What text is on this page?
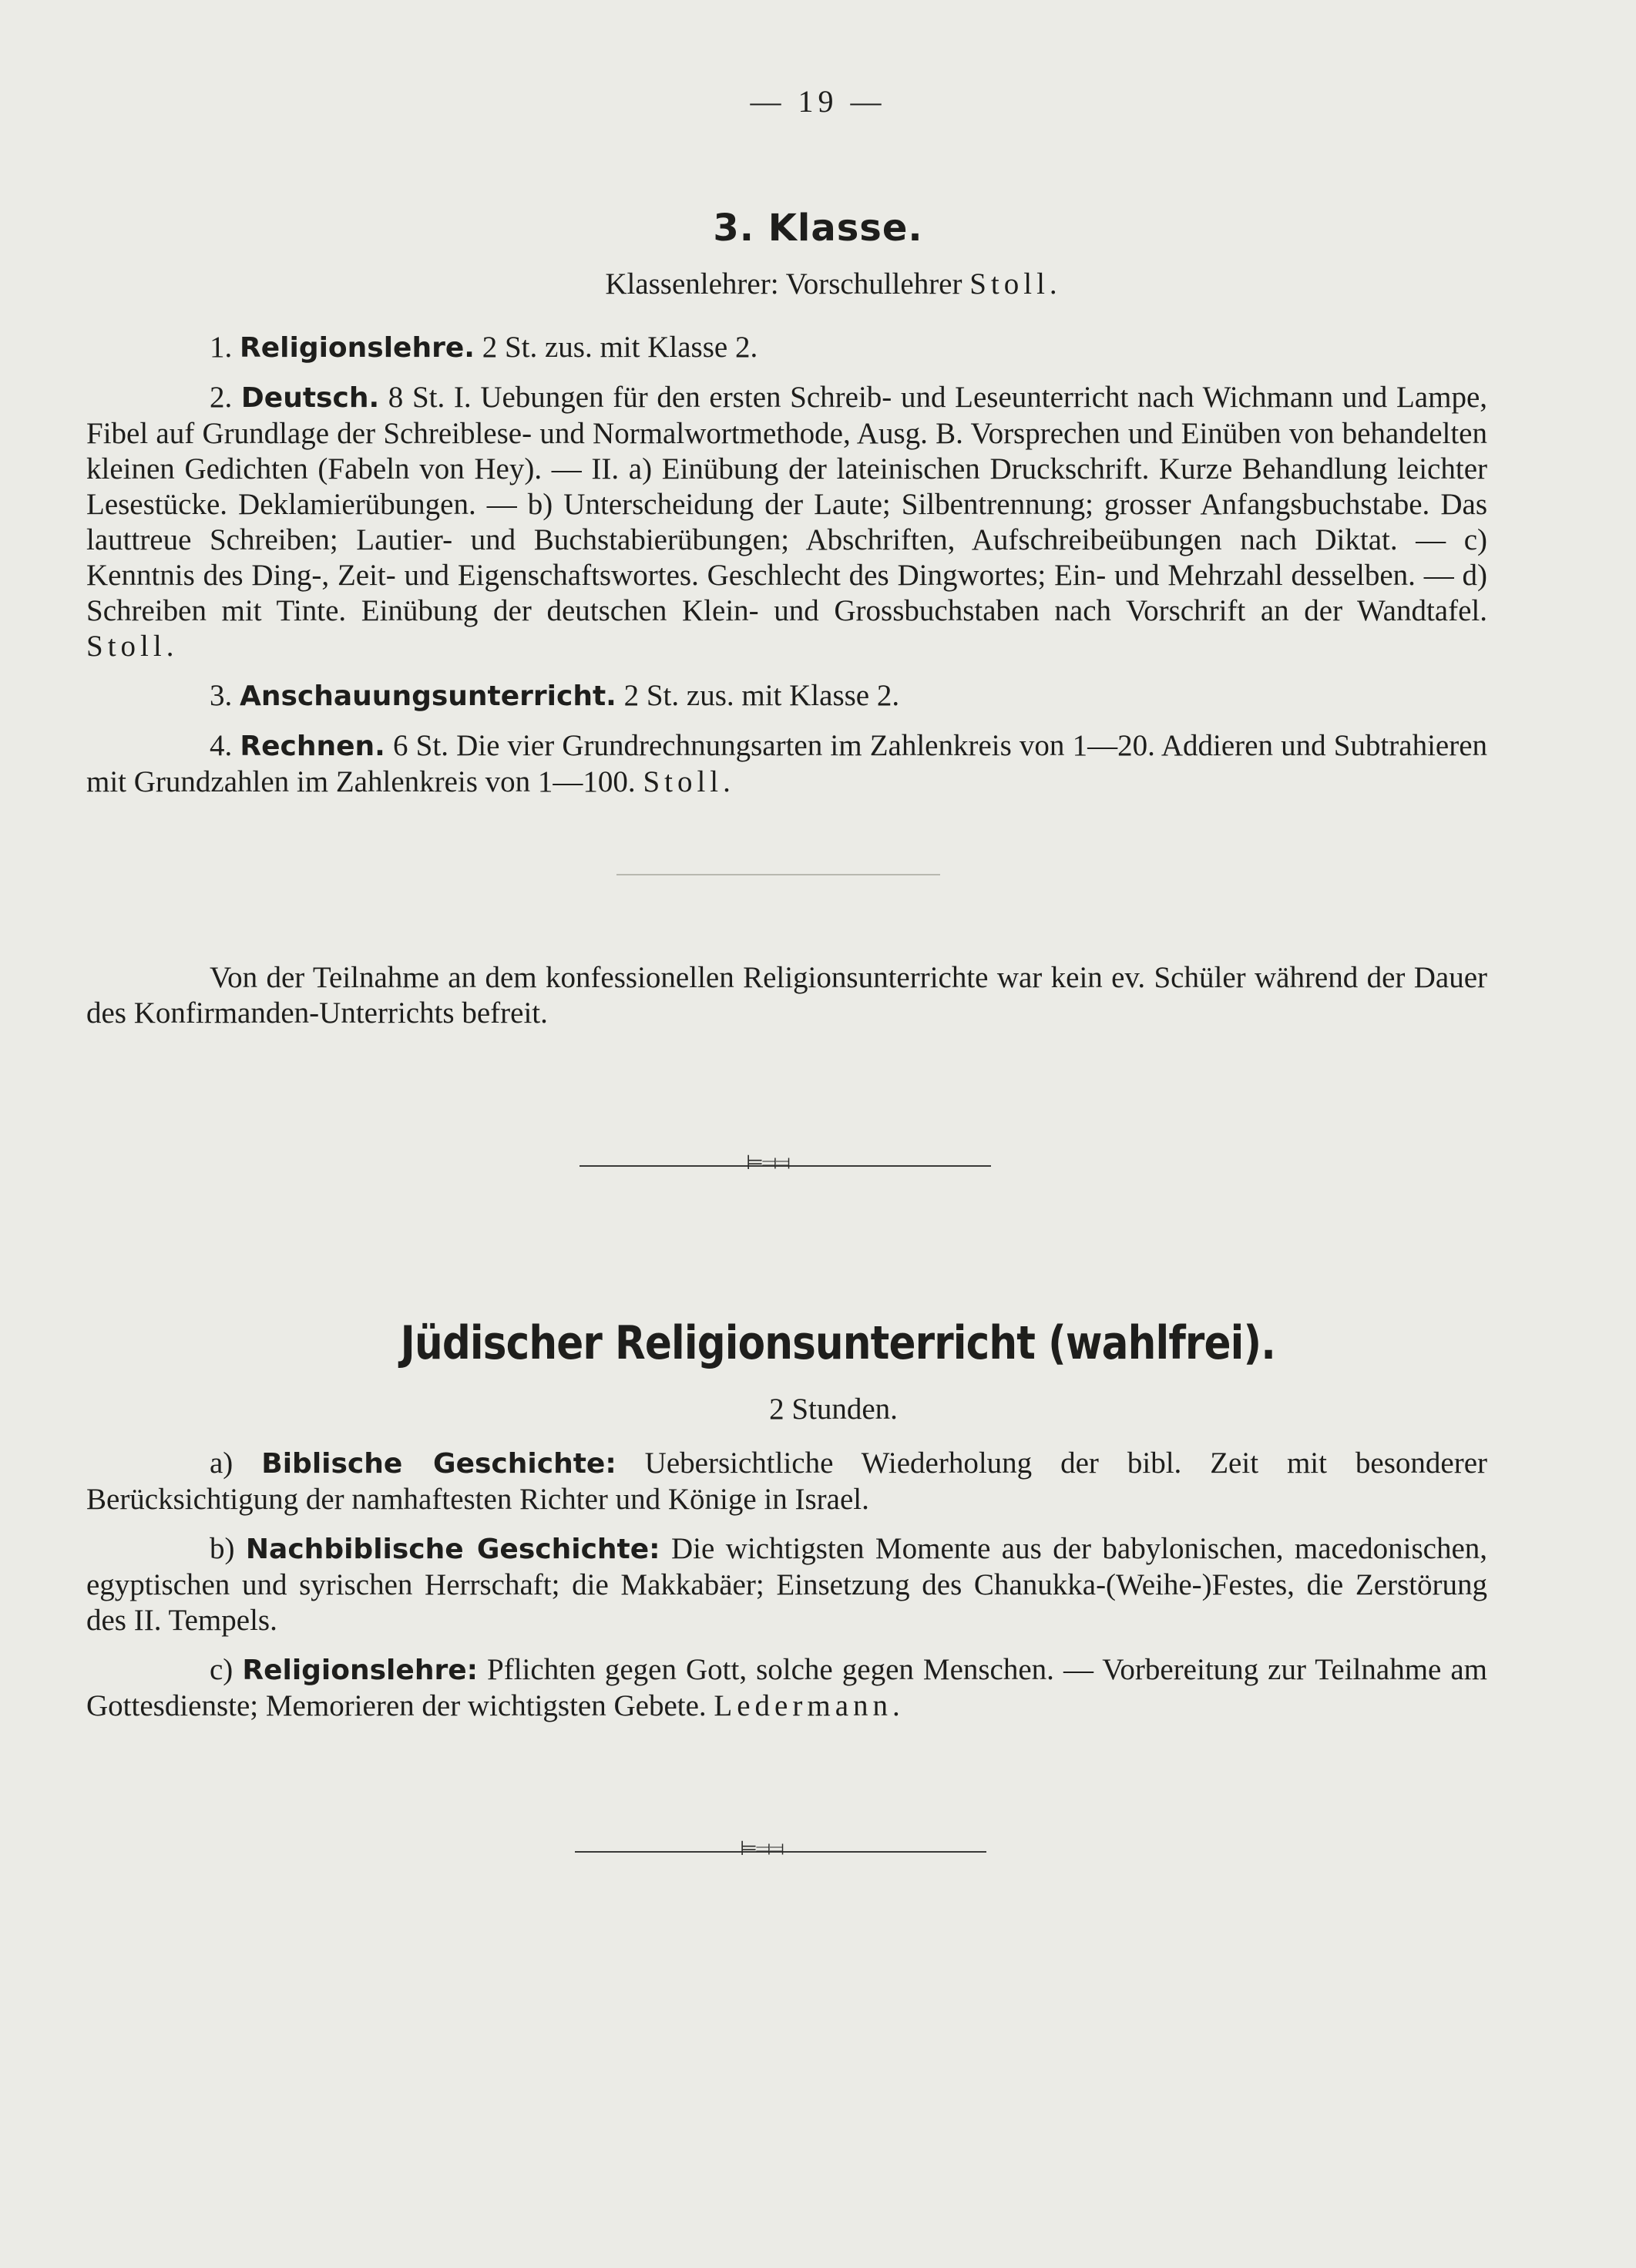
— 19 —
3. Klasse.
Klassenlehrer: Vorschullehrer Stoll.

1. Religionslehre. 2 St. zus. mit Klasse 2.

2. Deutsch. 8 St. I. Uebungen für den ersten Schreib- und Leseunterricht nach Wichmann und Lampe, Fibel auf Grundlage der Schreiblese- und Normalwortmethode, Ausg. B. Vorsprechen und Einüben von behandelten kleinen Gedichten (Fabeln von Hey). — II. a) Einübung der lateinischen Druckschrift. Kurze Behandlung leichter Lesestücke. Deklamierübungen. — b) Unterscheidung der Laute; Silbentrennung; grosser Anfangsbuchstabe. Das lauttreue Schreiben; Lautier- und Buchstabierübungen; Abschriften, Aufschreibeübungen nach Diktat. — c) Kenntnis des Ding-, Zeit- und Eigenschaftswortes. Geschlecht des Dingwortes; Ein- und Mehrzahl desselben. — d) Schreiben mit Tinte. Einübung der deutschen Klein- und Grossbuchstaben nach Vorschrift an der Wandtafel. Stoll.

3. Anschauungsunterricht. 2 St. zus. mit Klasse 2.

4. Rechnen. 6 St. Die vier Grundrechnungsarten im Zahlenkreis von 1—20. Addieren und Subtrahieren mit Grundzahlen im Zahlenkreis von 1—100. Stoll.

Von der Teilnahme an dem konfessionellen Religionsunterrichte war kein ev. Schüler während der Dauer des Konfirmanden-Unterrichts befreit.

⊨⫤⫤
Jüdischer Religionsunterricht (wahlfrei).
2 Stunden.

a) Biblische Geschichte: Uebersichtliche Wiederholung der bibl. Zeit mit besonderer Berücksichtigung der namhaftesten Richter und Könige in Israel.

b) Nachbiblische Geschichte: Die wichtigsten Momente aus der babylonischen, macedonischen, egyptischen und syrischen Herrschaft; die Makkabäer; Einsetzung des Chanukka-(Weihe-)Festes, die Zerstörung des II. Tempels.

c) Religionslehre: Pflichten gegen Gott, solche gegen Menschen. — Vorbereitung zur Teilnahme am Gottesdienste; Memorieren der wichtigsten Gebete. Ledermann.

⊨⫤⫤
